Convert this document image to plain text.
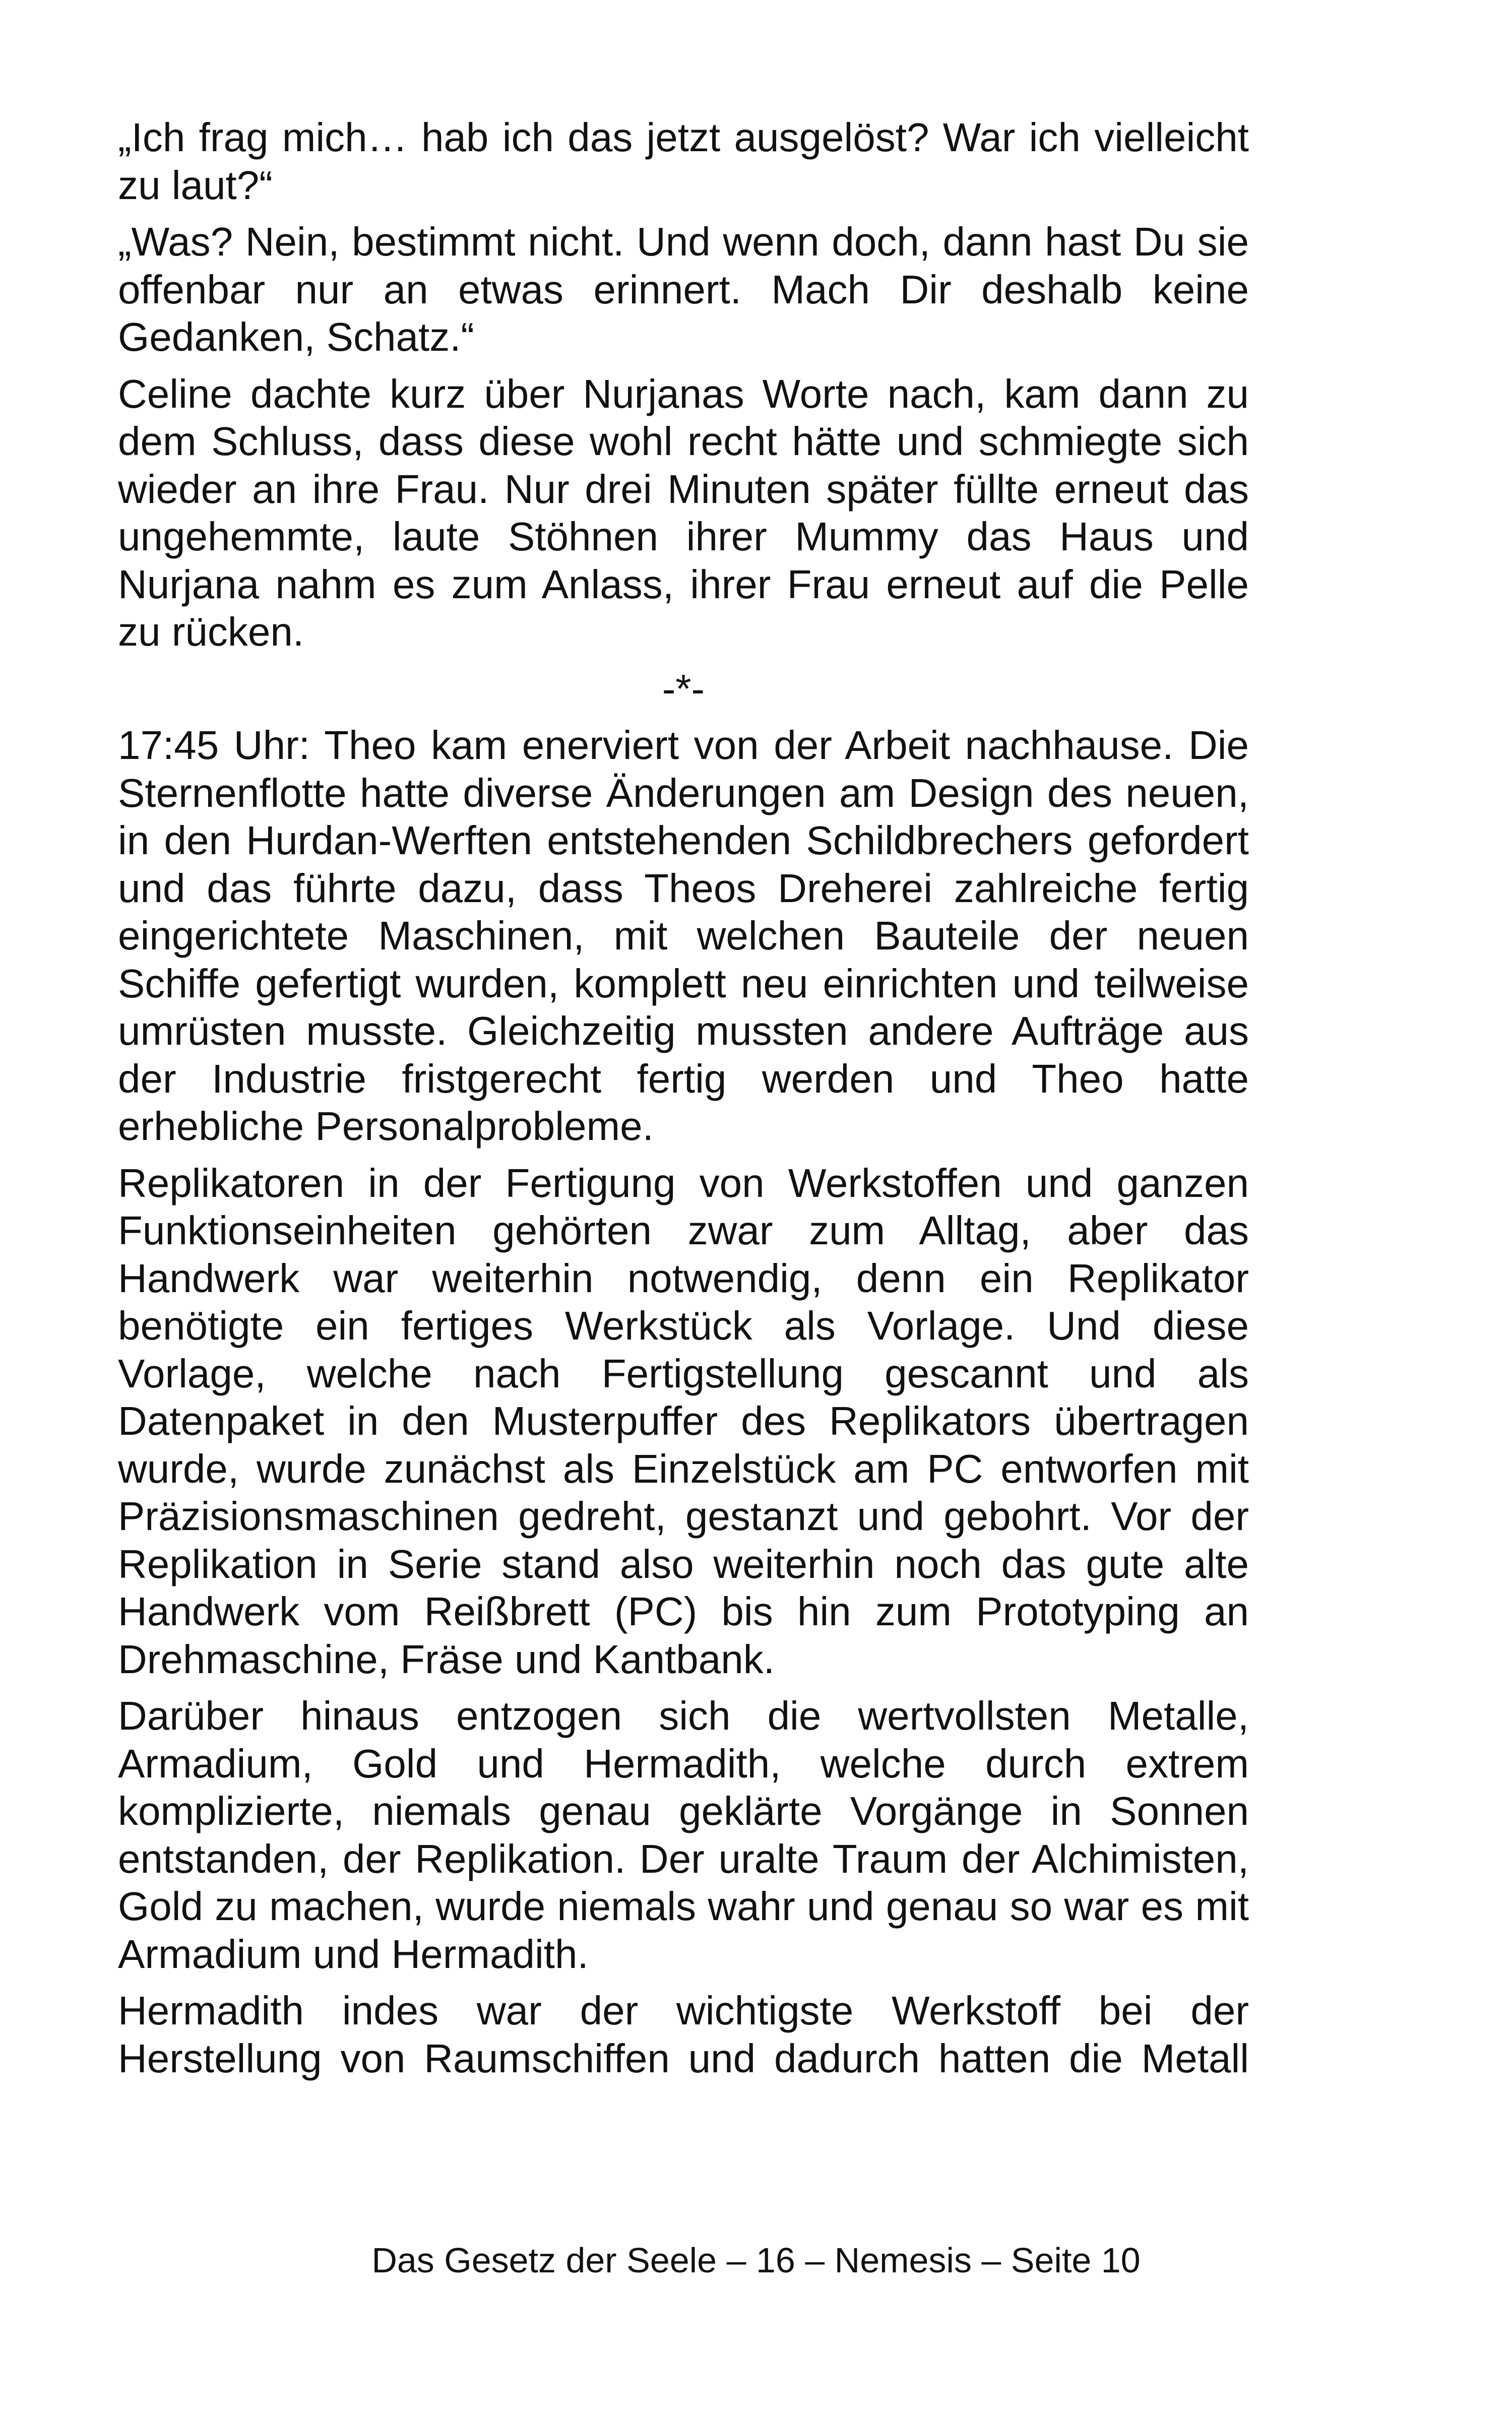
„Ich frag mich… hab ich das jetzt ausgelöst? War ich vielleicht zu laut?“

„Was? Nein, bestimmt nicht. Und wenn doch, dann hast Du sie offenbar nur an etwas erinnert. Mach Dir deshalb keine Gedanken, Schatz.“

Celine dachte kurz über Nurjanas Worte nach, kam dann zu dem Schluss, dass diese wohl recht hätte und schmiegte sich wieder an ihre Frau. Nur drei Minuten später füllte erneut das ungehemmte, laute Stöhnen ihrer Mummy das Haus und Nurjana nahm es zum Anlass, ihrer Frau erneut auf die Pelle zu rücken.

-*-

17:45 Uhr: Theo kam enerviert von der Arbeit nachhause. Die Sternenflotte hatte diverse Änderungen am Design des neuen, in den Hurdan-Werften entstehenden Schildbrechers gefordert und das führte dazu, dass Theos Dreherei zahlreiche fertig eingerichtete Maschinen, mit welchen Bauteile der neuen Schiffe gefertigt wurden, komplett neu einrichten und teilweise umrüsten musste. Gleichzeitig mussten andere Aufträge aus der Industrie fristgerecht fertig werden und Theo hatte erhebliche Personalprobleme.

Replikatoren in der Fertigung von Werkstoffen und ganzen Funktionseinheiten gehörten zwar zum Alltag, aber das Handwerk war weiterhin notwendig, denn ein Replikator benötigte ein fertiges Werkstück als Vorlage. Und diese Vorlage, welche nach Fertigstellung gescannt und als Datenpaket in den Musterpuffer des Replikators übertragen wurde, wurde zunächst als Einzelstück am PC entworfen mit Präzisionsmaschinen gedreht, gestanzt und gebohrt. Vor der Replikation in Serie stand also weiterhin noch das gute alte Handwerk vom Reißbrett (PC) bis hin zum Prototyping an Drehmaschine, Fräse und Kantbank.

Darüber hinaus entzogen sich die wertvollsten Metalle, Armadium, Gold und Hermadith, welche durch extrem komplizierte, niemals genau geklärte Vorgänge in Sonnen entstanden, der Replikation. Der uralte Traum der Alchimisten, Gold zu machen, wurde niemals wahr und genau so war es mit Armadium und Hermadith.

Hermadith indes war der wichtigste Werkstoff bei der Herstellung von Raumschiffen und dadurch hatten die Metall

Das Gesetz der Seele – 16 – Nemesis – Seite 10
